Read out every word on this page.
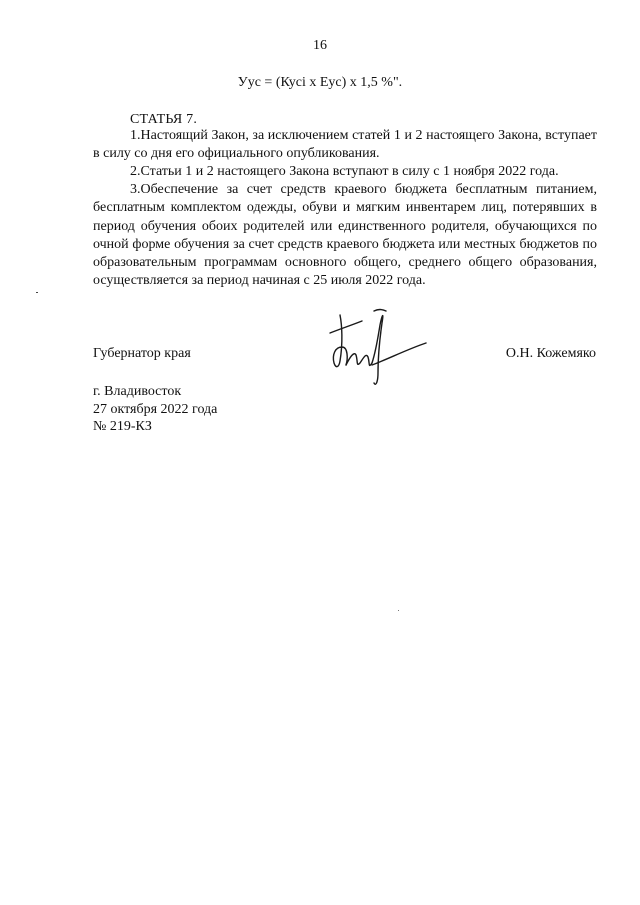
16
Уус = (Кусі х Еус) х 1,5 %".
СТАТЬЯ 7.

1.Настоящий Закон, за исключением статей 1 и 2 настоящего Закона, вступает в силу со дня его официального опубликования.

2.Статьи 1 и 2 настоящего Закона вступают в силу с 1 ноября 2022 года.

3.Обеспечение за счет средств краевого бюджета бесплатным питанием, бесплатным комплектом одежды, обуви и мягким инвентарем лиц, потерявших в период обучения обоих родителей или единственного родителя, обучающихся по очной форме обучения за счет средств краевого бюджета или местных бюджетов по образовательным программам основного общего, среднего общего образования, осуществляется за период начиная с 25 июля 2022 года.

Губернатор края	О.Н. Кожемяко
г. Владивосток
27 октября 2022 года
№ 219-КЗ
